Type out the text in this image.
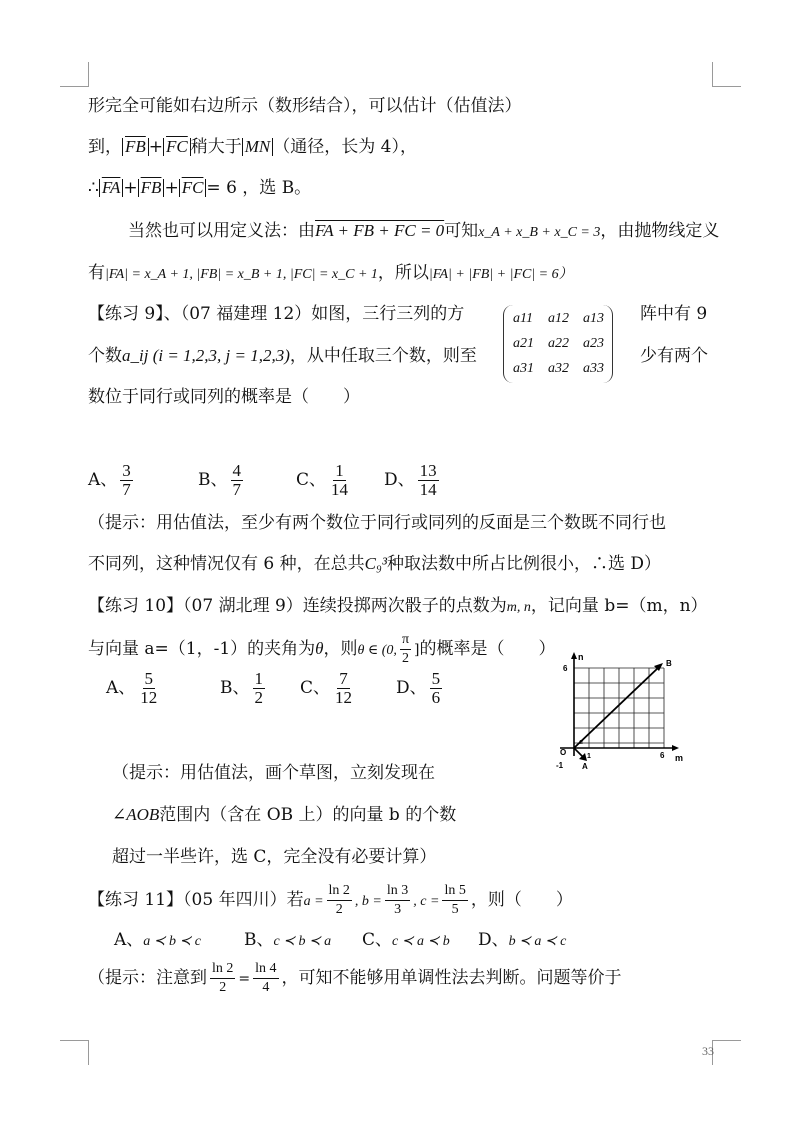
形完全可能如右边所示（数形结合），可以估计（估值法）
到， $\overline{FB} + \overline{FC}$ 稍大于 MN （通径，长为 4），
∴ $\overline{FA} + \overline{FB} + \overline{FC} = 6$ ，选 B。
当然也可以用定义法：由FA + FB + FC = 0可知x_A + x_B + x_C = 3，由抛物线定义
有|FA| = x_A + 1, |FB| = x_B + 1, |FC| = x_C + 1，所以|FA| + |FB| + |FC| = 6）
【练习 9】、（07 福建理 12）如图，三行三列的方	阵中有 9
a11 a12 a13
a21 a22 a23
a31 a32 a33
个数a_ij (i = 1,2,3, j = 1,2,3)，从中任取三个数，则至	少有两个
数位于同行或同列的概率是（　　）
A、 $\frac{3}{7}$	B、 $\frac{4}{7}$	C、 $\frac{1}{14}$ D、 $\frac{13}{14}$
（提示：用估值法，至少有两个数位于同行或同列的反面是三个数既不同行也
不同列，这种情况仅有 6 种，在总共C₉³种取法数中所占比例很小，∴选 D）
【练习 10】（07 湖北理 9）连续投掷两次骰子的点数为m, n，记向量 b=（m，n）
与向量 a=（1，-1）的夹角为θ，则θ ∈ (0, $\frac{\pi}{2}$ ]的概率是（　　）
A、 $\frac{5}{12}$	B、 $\frac{1}{2}$ C、 $\frac{7}{12}$ D、 $\frac{5}{6}$
n
m
6
6
O
-1
1
α
B
A
（提示：用估值法，画个草图，立刻发现在
∠AOB范围内（含在 OB 上）的向量 b 的个数
超过一半些许，选 C，完全没有必要计算）
【练习 11】（05 年四川）若$a = \frac{\ln 2}{2}$ , $b = \frac{\ln 3}{3}$ , $c = \frac{\ln 5}{5}$ ，则（　　）
A、a ≺ b ≺ c	B、c ≺ b ≺ a C、c ≺ a ≺ b D、b ≺ a ≺ c
（提示：注意到 $\frac{\ln 2}{2} = \frac{\ln 4}{4}$ ，可知不能够用单调性法去判断。问题等价于
33
